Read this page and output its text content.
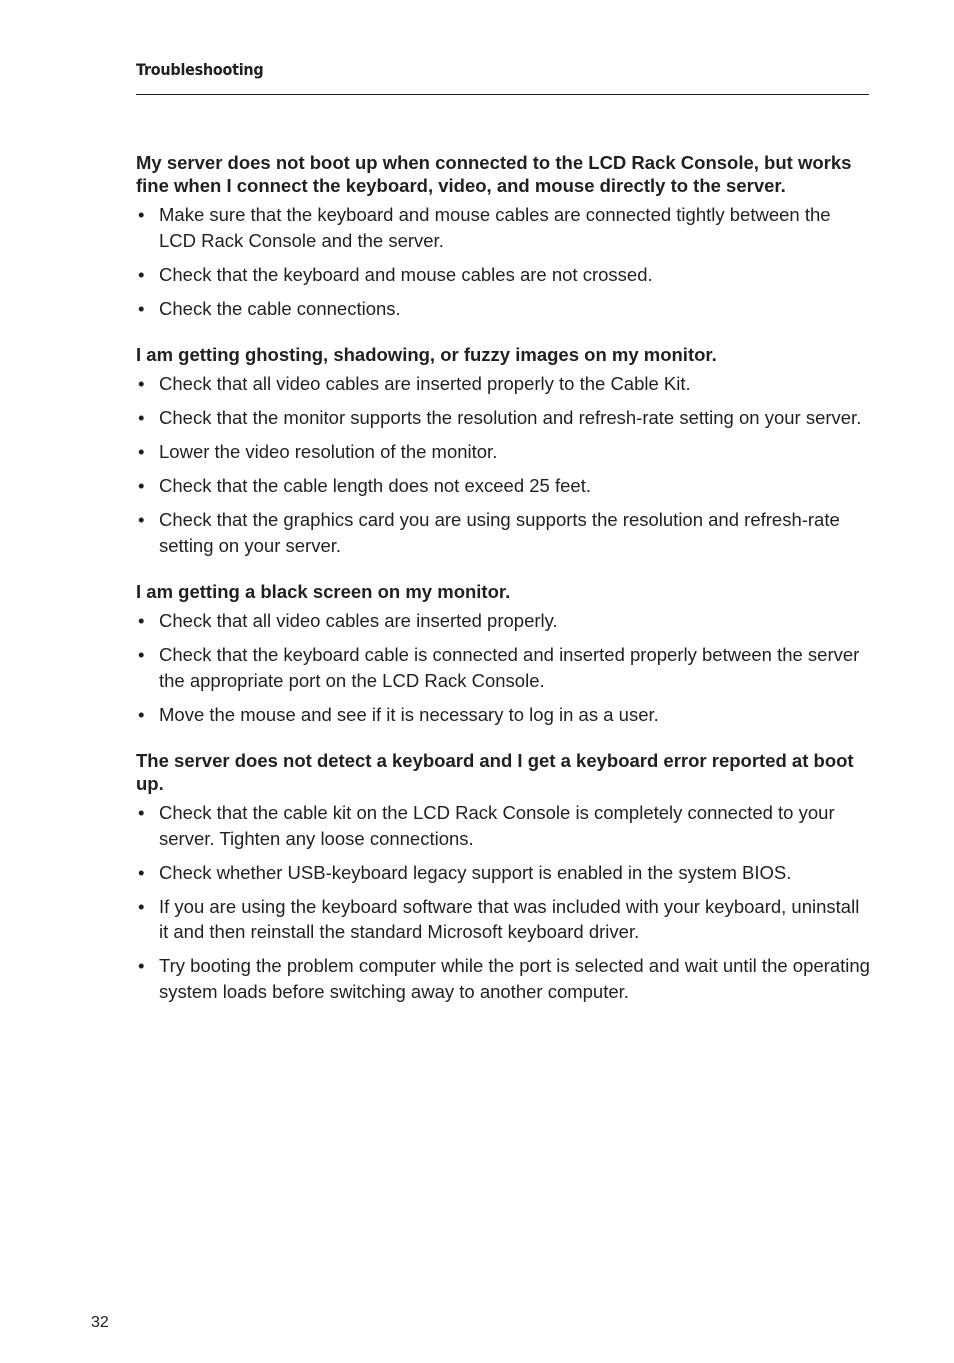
Troubleshooting
My server does not boot up when connected to the LCD Rack Console, but works fine when I connect the keyboard, video, and mouse directly to the server.
• Make sure that the keyboard and mouse cables are connected tightly between the LCD Rack Console and the server.
• Check that the keyboard and mouse cables are not crossed.
• Check the cable connections.
I am getting ghosting, shadowing, or fuzzy images on my monitor.
• Check that all video cables are inserted properly to the Cable Kit.
• Check that the monitor supports the resolution and refresh-rate setting on your server.
• Lower the video resolution of the monitor.
• Check that the cable length does not exceed 25 feet.
• Check that the graphics card you are using supports the resolution and refresh-rate setting on your server.
I am getting a black screen on my monitor.
• Check that all video cables are inserted properly.
• Check that the keyboard cable is connected and inserted properly between the server the appropriate port on the LCD Rack Console.
• Move the mouse and see if it is necessary to log in as a user.
The server does not detect a keyboard and I get a keyboard error reported at boot up.
• Check that the cable kit on the LCD Rack Console is completely connected to your server. Tighten any loose connections.
• Check whether USB-keyboard legacy support is enabled in the system BIOS.
• If you are using the keyboard software that was included with your keyboard, uninstall it and then reinstall the standard Microsoft keyboard driver.
• Try booting the problem computer while the port is selected and wait until the operating system loads before switching away to another computer.
32
